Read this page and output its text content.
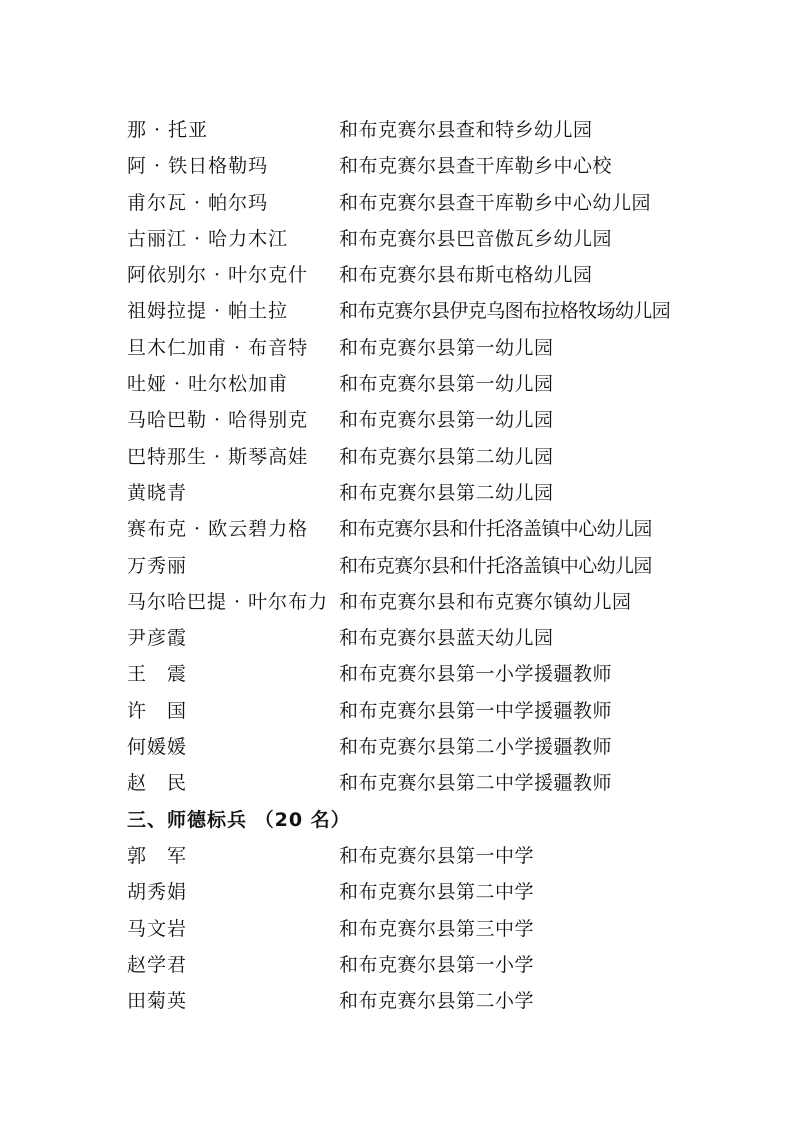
那 · 托亚	和布克赛尔县查和特乡幼儿园
阿 · 铁日格勒玛	和布克赛尔县查干库勒乡中心校
甫尔瓦 · 帕尔玛	和布克赛尔县查干库勒乡中心幼儿园
古丽江 · 哈力木江	和布克赛尔县巴音傲瓦乡幼儿园
阿依别尔 · 叶尔克什 和布克赛尔县布斯屯格幼儿园
祖姆拉提 · 帕土拉	和布克赛尔县伊克乌图布拉格牧场幼儿园
旦木仁加甫 · 布音特 和布克赛尔县第一幼儿园
吐娅 · 吐尔松加甫	和布克赛尔县第一幼儿园
马哈巴勒 · 哈得别克 和布克赛尔县第一幼儿园
巴特那生 · 斯琴高娃 和布克赛尔县第二幼儿园
黄晓青	和布克赛尔县第二幼儿园
赛布克 · 欧云碧力格 和布克赛尔县和什托洛盖镇中心幼儿园
万秀丽	和布克赛尔县和什托洛盖镇中心幼儿园
马尔哈巴提 · 叶尔布力 和布克赛尔县和布克赛尔镇幼儿园
尹彦霞	和布克赛尔县蓝天幼儿园
王　震	和布克赛尔县第一小学援疆教师
许　国	和布克赛尔县第一中学援疆教师
何媛媛	和布克赛尔县第二小学援疆教师
赵　民	和布克赛尔县第二中学援疆教师
三、师德标兵 （20 名）
郭　军	和布克赛尔县第一中学
胡秀娟	和布克赛尔县第二中学
马文岩	和布克赛尔县第三中学
赵学君	和布克赛尔县第一小学
田菊英	和布克赛尔县第二小学
